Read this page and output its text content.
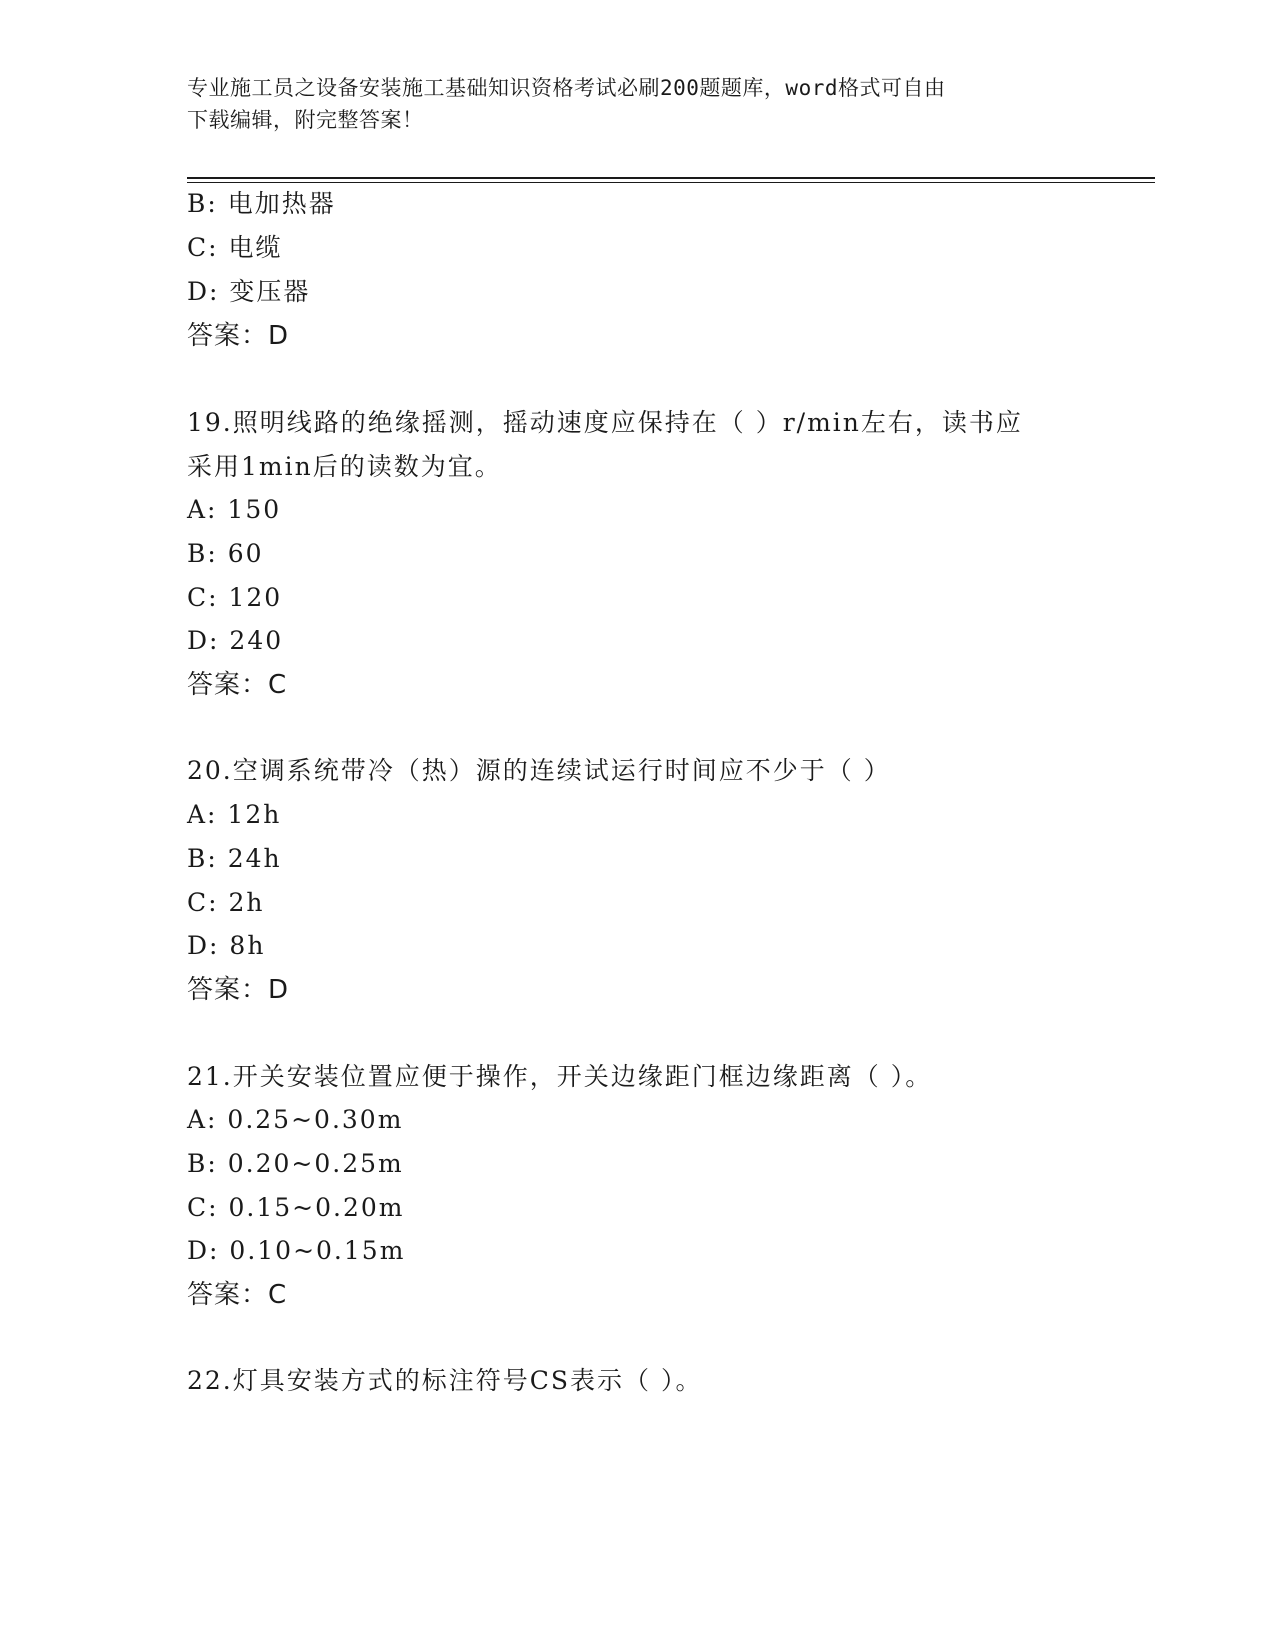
专业施工员之设备安装施工基础知识资格考试必刷200题题库，word格式可自由
下载编辑，附完整答案！
B: 电加热器
C: 电缆
D: 变压器
答案：D
19.照明线路的绝缘摇测，摇动速度应保持在（ ）r/min左右，读书应
采用1min后的读数为宜。
A: 150
B: 60
C: 120
D: 240
答案：C
20.空调系统带冷（热）源的连续试运行时间应不少于（ ）
A: 12h
B: 24h
C: 2h
D: 8h
答案：D
21.开关安装位置应便于操作，开关边缘距门框边缘距离（ ）。
A: 0.25~0.30m
B: 0.20~0.25m
C: 0.15~0.20m
D: 0.10~0.15m
答案：C
22.灯具安装方式的标注符号CS表示（ ）。
